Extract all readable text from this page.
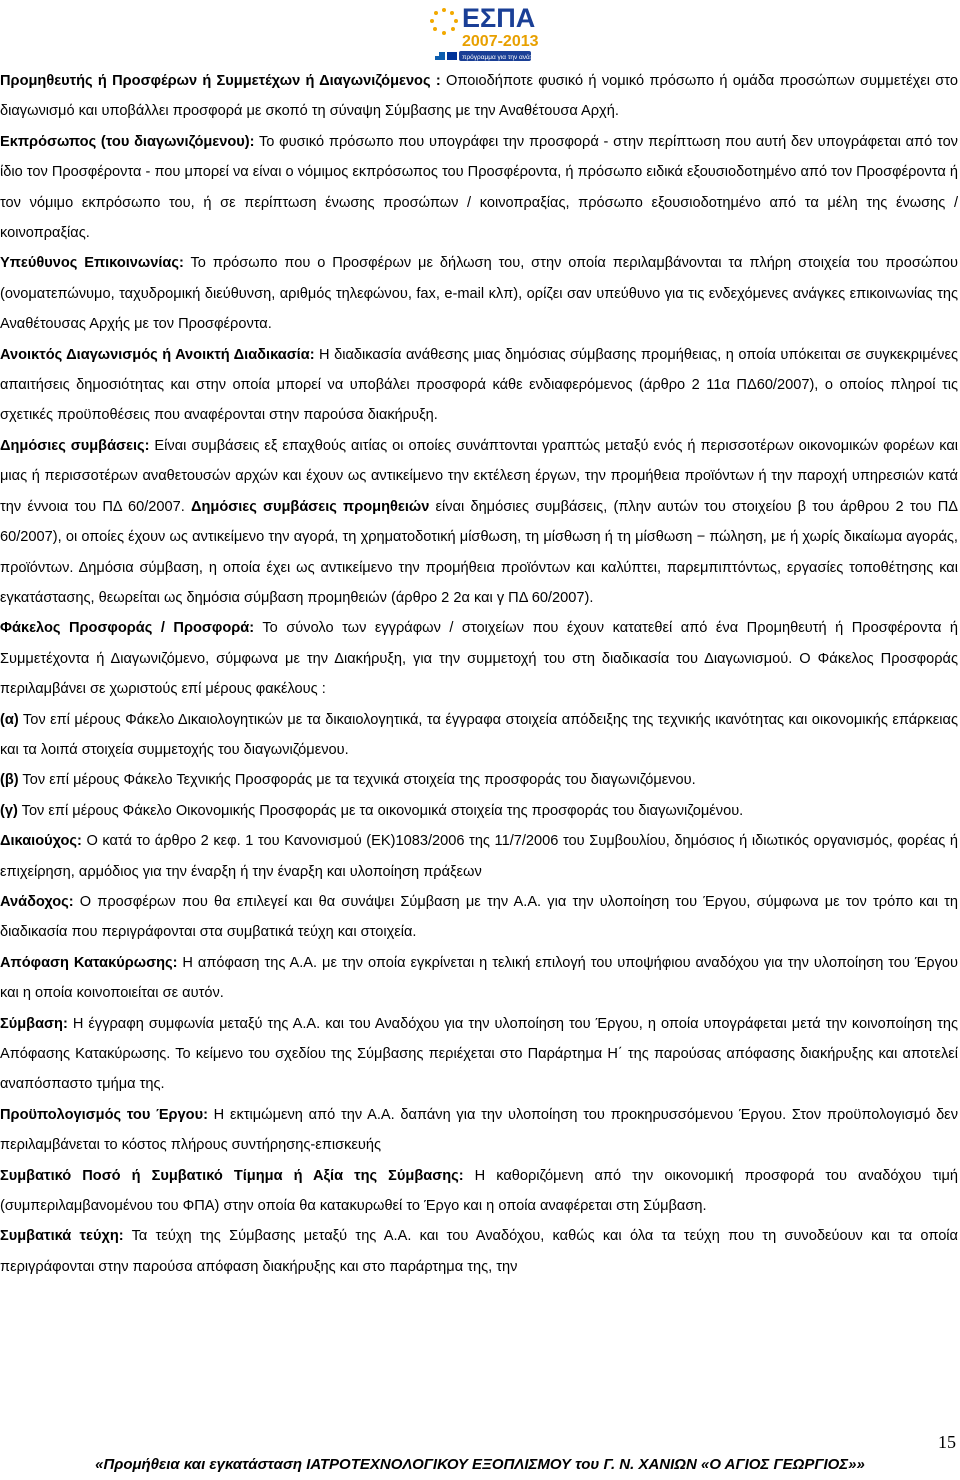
ΕΣΠΑ
2007-2013
πρόγραμμα για την ανάπτυξη

Προμηθευτής ή Προσφέρων ή Συμμετέχων ή Διαγωνιζόμενος : Οποιοδήποτε φυσικό ή νομικό πρόσωπο ή ομάδα προσώπων συμμετέχει στο διαγωνισμό και υποβάλλει προσφορά με σκοπό τη σύναψη Σύμβασης με την Αναθέτουσα Αρχή.

Εκπρόσωπος (του διαγωνιζόμενου): Το φυσικό πρόσωπο που υπογράφει την προσφορά - στην περίπτωση που αυτή δεν υπογράφεται από τον ίδιο τον Προσφέροντα - που μπορεί να είναι ο νόμιμος εκπρόσωπος του Προσφέροντα, ή πρόσωπο ειδικά εξουσιοδοτημένο από τον Προσφέροντα ή τον νόμιμο εκπρόσωπο του, ή σε περίπτωση ένωσης προσώπων / κοινοπραξίας, πρόσωπο εξουσιοδοτημένο από τα μέλη της ένωσης / κοινοπραξίας.

Υπεύθυνος Επικοινωνίας: Το πρόσωπο που ο Προσφέρων με δήλωση του, στην οποία περιλαμβάνονται τα πλήρη στοιχεία του προσώπου (ονοματεπώνυμο, ταχυδρομική διεύθυνση, αριθμός τηλεφώνου, fax, e-mail κλπ), ορίζει σαν υπεύθυνο για τις ενδεχόμενες ανάγκες επικοινωνίας της Αναθέτουσας Αρχής με τον Προσφέροντα.

Ανοικτός Διαγωνισμός ή Ανοικτή Διαδικασία: Η διαδικασία ανάθεσης μιας δημόσιας σύμβασης προμήθειας, η οποία υπόκειται σε συγκεκριμένες απαιτήσεις δημοσιότητας και στην οποία μπορεί να υποβάλει προσφορά κάθε ενδιαφερόμενος (άρθρο 2 11α ΠΔ60/2007), ο οποίος πληροί τις σχετικές προϋποθέσεις που αναφέρονται στην παρούσα διακήρυξη.

Δημόσιες συμβάσεις: Είναι συμβάσεις εξ επαχθούς αιτίας οι οποίες συνάπτονται γραπτώς μεταξύ ενός ή περισσοτέρων οικονομικών φορέων και μιας ή περισσοτέρων αναθετουσών αρχών και έχουν ως αντικείμενο την εκτέλεση έργων, την προμήθεια προϊόντων ή την παροχή υπηρεσιών κατά την έννοια του ΠΔ 60/2007. Δημόσιες συμβάσεις προμηθειών είναι δημόσιες συμβάσεις, (πλην αυτών του στοιχείου β του άρθρου 2 του ΠΔ 60/2007), οι οποίες έχουν ως αντικείμενο την αγορά, τη χρηματοδοτική μίσθωση, τη μίσθωση ή τη μίσθωση − πώληση, με ή χωρίς δικαίωμα αγοράς, προϊόντων. Δημόσια σύμβαση, η οποία έχει ως αντικείμενο την προμήθεια προϊόντων και καλύπτει, παρεμπιπτόντως, εργασίες τοποθέτησης και εγκατάστασης, θεωρείται ως δημόσια σύμβαση προμηθειών (άρθρο 2 2α και γ ΠΔ 60/2007).

Φάκελος Προσφοράς / Προσφορά: Το σύνολο των εγγράφων / στοιχείων που έχουν κατατεθεί από ένα Προμηθευτή ή Προσφέροντα ή Συμμετέχοντα ή Διαγωνιζόμενο, σύμφωνα με την Διακήρυξη, για την συμμετοχή του στη διαδικασία του Διαγωνισμού. Ο Φάκελος Προσφοράς περιλαμβάνει σε χωριστούς επί μέρους φακέλους :

(α) Τον επί μέρους Φάκελο Δικαιολογητικών με τα δικαιολογητικά, τα έγγραφα στοιχεία απόδειξης της τεχνικής ικανότητας και οικονομικής επάρκειας και τα λοιπά στοιχεία συμμετοχής του διαγωνιζόμενου.

(β) Τον επί μέρους Φάκελο Τεχνικής Προσφοράς με τα τεχνικά στοιχεία της προσφοράς του διαγωνιζόμενου.

(γ) Τον επί μέρους Φάκελο Οικονομικής Προσφοράς με τα οικονομικά στοιχεία της προσφοράς του διαγωνιζομένου.

Δικαιούχος: Ο κατά το άρθρο 2 κεφ. 1 του Κανονισμού (ΕΚ)1083/2006 της 11/7/2006 του Συμβουλίου, δημόσιος ή ιδιωτικός οργανισμός, φορέας ή επιχείρηση, αρμόδιος για την έναρξη ή την έναρξη και υλοποίηση πράξεων

Ανάδοχος: Ο προσφέρων που θα επιλεγεί και θα συνάψει Σύμβαση με την Α.Α. για την υλοποίηση του Έργου, σύμφωνα με τον τρόπο και τη διαδικασία που περιγράφονται στα συμβατικά τεύχη και στοιχεία.

Απόφαση Κατακύρωσης: Η απόφαση της Α.Α. με την οποία εγκρίνεται η τελική επιλογή του υποψήφιου αναδόχου για την υλοποίηση του Έργου και η οποία κοινοποιείται σε αυτόν.

Σύμβαση: Η έγγραφη συμφωνία μεταξύ της Α.Α. και του Αναδόχου για την υλοποίηση του Έργου, η οποία υπογράφεται μετά την κοινοποίηση της Απόφασης Κατακύρωσης. Το κείμενο του σχεδίου της Σύμβασης περιέχεται στο Παράρτημα Η΄ της παρούσας απόφασης διακήρυξης και αποτελεί αναπόσπαστο τμήμα της.

Προϋπολογισμός του Έργου: Η εκτιμώμενη από την Α.Α. δαπάνη για την υλοποίηση του προκηρυσσόμενου Έργου. Στον προϋπολογισμό δεν περιλαμβάνεται το κόστος πλήρους συντήρησης-επισκευής

Συμβατικό Ποσό ή Συμβατικό Τίμημα ή Αξία της Σύμβασης: Η καθοριζόμενη από την οικονομική προσφορά του αναδόχου τιμή (συμπεριλαμβανομένου του ΦΠΑ) στην οποία θα κατακυρωθεί το Έργο και η οποία αναφέρεται στη Σύμβαση.

Συμβατικά τεύχη: Τα τεύχη της Σύμβασης μεταξύ της Α.Α. και του Αναδόχου, καθώς και όλα τα τεύχη που τη συνοδεύουν και τα οποία περιγράφονται στην παρούσα απόφαση διακήρυξης και στο παράρτημα της, την

15
«Προμήθεια και εγκατάσταση ΙΑΤΡΟΤΕΧΝΟΛΟΓΙΚΟΥ ΕΞΟΠΛΙΣΜΟΥ του Γ. Ν. ΧΑΝΙΩΝ «Ο ΑΓΙΟΣ ΓΕΩΡΓΙΟΣ»»
